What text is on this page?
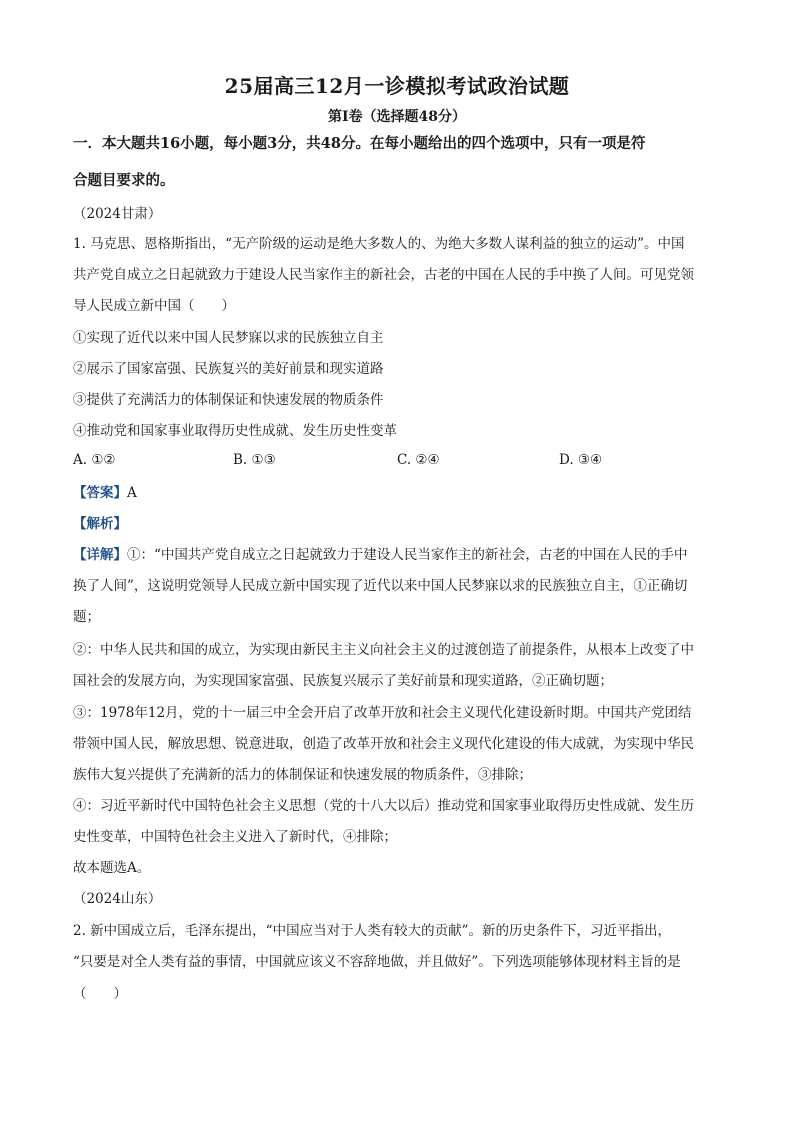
25届高三12月一诊模拟考试政治试题
第I卷（选择题48分）
一．本大题共16小题，每小题3分，共48分。在每小题给出的四个选项中，只有一项是符
合题目要求的。
（2024甘肃）
1. 马克思、恩格斯指出，“无产阶级的运动是绝大多数人的、为绝大多数人谋利益的独立的运动”。中国
共产党自成立之日起就致力于建设人民当家作主的新社会，古老的中国在人民的手中换了人间。可见党领
导人民成立新中国（　　）
①实现了近代以来中国人民梦寐以求的民族独立自主
②展示了国家富强、民族复兴的美好前景和现实道路
③提供了充满活力的体制保证和快速发展的物质条件
④推动党和国家事业取得历史性成就、发生历史性变革
A. ①②	B. ①③	C. ②④	D. ③④
【答案】A
【解析】
【详解】①：“中国共产党自成立之日起就致力于建设人民当家作主的新社会，古老的中国在人民的手中
换了人间”，这说明党领导人民成立新中国实现了近代以来中国人民梦寐以求的民族独立自主，①正确切
题；
②：中华人民共和国的成立，为实现由新民主主义向社会主义的过渡创造了前提条件，从根本上改变了中
国社会的发展方向，为实现国家富强、民族复兴展示了美好前景和现实道路，②正确切题；
③：1978年12月，党的十一届三中全会开启了改革开放和社会主义现代化建设新时期。中国共产党团结
带领中国人民，解放思想、锐意进取，创造了改革开放和社会主义现代化建设的伟大成就，为实现中华民
族伟大复兴提供了充满新的活力的体制保证和快速发展的物质条件，③排除；
④：习近平新时代中国特色社会主义思想（党的十八大以后）推动党和国家事业取得历史性成就、发生历
史性变革，中国特色社会主义进入了新时代，④排除；
故本题选A。
（2024山东）
2. 新中国成立后，毛泽东提出，“中国应当对于人类有较大的贡献”。新的历史条件下，习近平指出，
“只要是对全人类有益的事情，中国就应该义不容辞地做，并且做好”。下列选项能够体现材料主旨的是
（　　）
